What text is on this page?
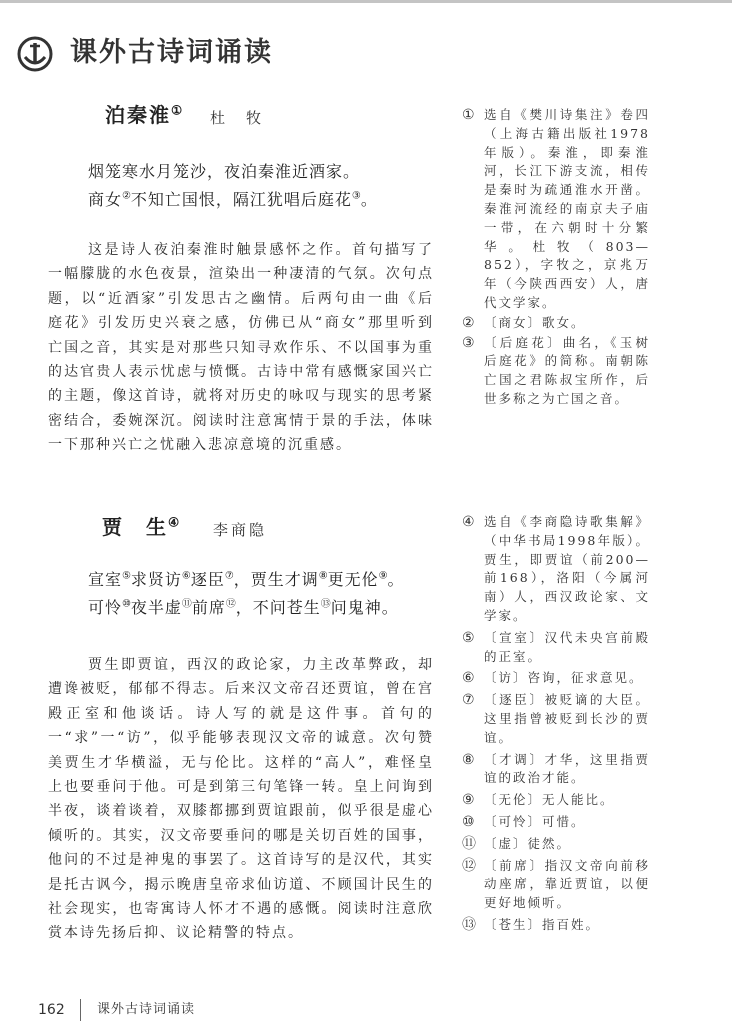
课外古诗词诵读
泊秦淮① 杜　牧
烟笼寒水月笼沙，夜泊秦淮近酒家。
商女②不知亡国恨，隔江犹唱后庭花③。

这是诗人夜泊秦淮时触景感怀之作。首句描写了一幅朦胧的水色夜景，渲染出一种凄清的气氛。次句点题，以“近酒家”引发思古之幽情。后两句由一曲《后庭花》引发历史兴衰之感，仿佛已从“商女”那里听到亡国之音，其实是对那些只知寻欢作乐、不以国事为重的达官贵人表示忧虑与愤慨。古诗中常有感慨家国兴亡的主题，像这首诗，就将对历史的咏叹与现实的思考紧密结合，委婉深沉。阅读时注意寓情于景的手法，体味一下那种兴亡之忧融入悲凉意境的沉重感。

① 选自《樊川诗集注》卷四（上海古籍出版社1978年版）。秦淮，即秦淮河，长江下游支流，相传是秦时为疏通淮水开凿。秦淮河流经的南京夫子庙一带，在六朝时十分繁华。杜牧（803—852），字牧之，京兆万年（今陕西西安）人，唐代文学家。
② 〔商女〕歌女。
③ 〔后庭花〕曲名，《玉树后庭花》的简称。南朝陈亡国之君陈叔宝所作，后世多称之为亡国之音。
贾　生④ 李商隐
宣室⑤求贤访⑥逐臣⑦，贾生才调⑧更无伦⑨。
可怜⑩夜半虚⑪前席⑫，不问苍生⑬问鬼神。

贾生即贾谊，西汉的政论家，力主改革弊政，却遭谗被贬，郁郁不得志。后来汉文帝召还贾谊，曾在宫殿正室和他谈话。诗人写的就是这件事。首句的一“求”一“访”，似乎能够表现汉文帝的诚意。次句赞美贾生才华横溢，无与伦比。这样的“高人”，难怪皇上也要垂问于他。可是到第三句笔锋一转。皇上问询到半夜，谈着谈着，双膝都挪到贾谊跟前，似乎很是虚心倾听的。其实，汉文帝要垂问的哪是关切百姓的国事，他问的不过是神鬼的事罢了。这首诗写的是汉代，其实是托古讽今，揭示晚唐皇帝求仙访道、不顾国计民生的社会现实，也寄寓诗人怀才不遇的感慨。阅读时注意欣赏本诗先扬后抑、议论精警的特点。

④ 选自《李商隐诗歌集解》（中华书局1998年版）。贾生，即贾谊（前200—前168），洛阳（今属河南）人，西汉政论家、文学家。
⑤ 〔宣室〕汉代未央宫前殿的正室。
⑥ 〔访〕咨询，征求意见。
⑦ 〔逐臣〕被贬谪的大臣。这里指曾被贬到长沙的贾谊。
⑧ 〔才调〕才华，这里指贾谊的政治才能。
⑨ 〔无伦〕无人能比。
⑩ 〔可怜〕可惜。
⑪ 〔虚〕徒然。
⑫ 〔前席〕指汉文帝向前移动座席，靠近贾谊，以便更好地倾听。
⑬ 〔苍生〕指百姓。
162 课外古诗词诵读
